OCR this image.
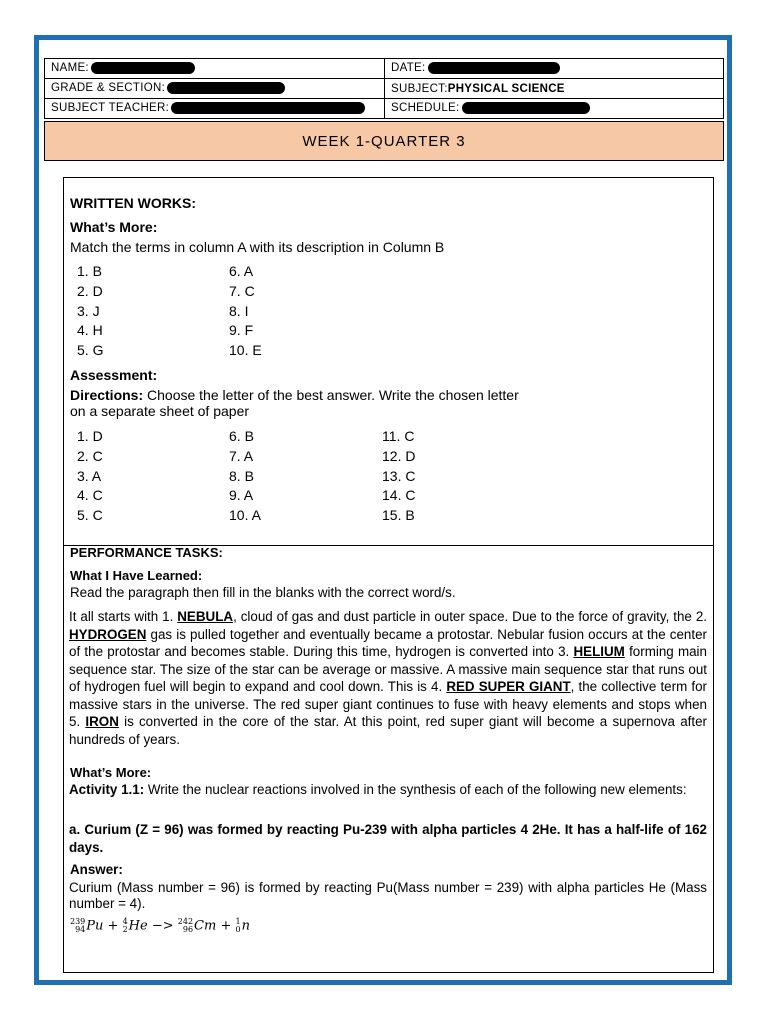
NAME:	DATE:
GRADE & SECTION:	SUBJECT:PHYSICAL SCIENCE
SUBJECT TEACHER:	SCHEDULE:
WEEK 1-QUARTER 3
WRITTEN WORKS:
What’s More:
Match the terms in column A with its description in Column B
1. B
2. D
3. J
4. H
5. G
6. A
7. C
8. I
9. F
10. E
Assessment:
Directions: Choose the letter of the best answer. Write the chosen letter
on a separate sheet of paper
1. D
2. C
3. A
4. C
5. C
6. B
7. A
8. B
9. A
10. A
11. C
12. D
13. C
14. C
15. B
PERFORMANCE TASKS:
What I Have Learned:
Read the paragraph then fill in the blanks with the correct word/s.
It all starts with 1. NEBULA, cloud of gas and dust particle in outer space. Due to the force of gravity, the 2. HYDROGEN gas is pulled together and eventually became a protostar. Nebular fusion occurs at the center of the protostar and becomes stable. During this time, hydrogen is converted into 3. HELIUM forming main sequence star. The size of the star can be average or massive. A massive main sequence star that runs out of hydrogen fuel will begin to expand and cool down. This is 4. RED SUPER GIANT, the collective term for massive stars in the universe. The red super giant continues to fuse with heavy elements and stops when 5. IRON is converted in the core of the star. At this point, red super giant will become a supernova after hundreds of years.
What’s More:
Activity 1.1: Write the nuclear reactions involved in the synthesis of each of the following new elements:
a. Curium (Z = 96) was formed by reacting Pu-239 with alpha particles 4 2He. It has a half-life of 162 days.
Answer:
Curium (Mass number = 96) is formed by reacting Pu(Mass number = 239) with alpha particles He (Mass number = 4).
239
94Pu + 4
2He −> 242
96Cm + 1
0n
